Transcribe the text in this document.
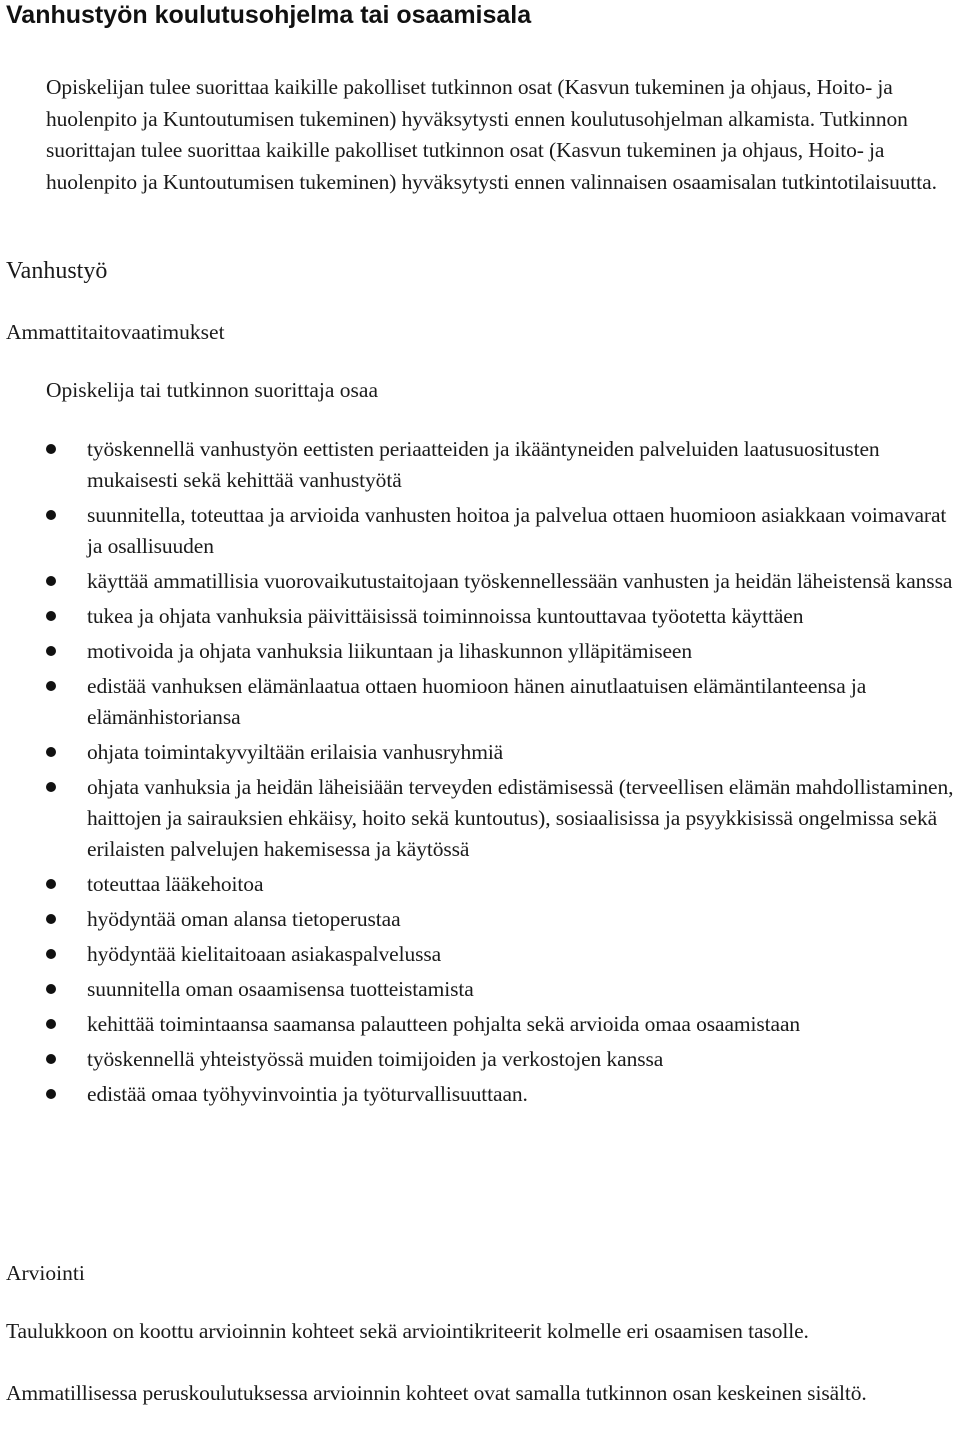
Vanhustyön koulutusohjelma tai osaamisala

Opiskelijan tulee suorittaa kaikille pakolliset tutkinnon osat (Kasvun tukeminen ja ohjaus, Hoito- ja huolenpito ja Kuntoutumisen tukeminen) hyväksytysti ennen koulutusohjelman alkamista. Tutkinnon suorittajan tulee suorittaa kaikille pakolliset tutkinnon osat (Kasvun tukeminen ja ohjaus, Hoito- ja huolenpito ja Kuntoutumisen tukeminen) hyväksytysti ennen valinnaisen osaamisalan tutkintotilaisuutta.

Vanhustyö
Ammattitaitovaatimukset

Opiskelija tai tutkinnon suorittaja osaa

työskennellä vanhustyön eettisten periaatteiden ja ikääntyneiden palveluiden laatusuositusten mukaisesti sekä kehittää vanhustyötä
suunnitella, toteuttaa ja arvioida vanhusten hoitoa ja palvelua ottaen huomioon asiakkaan voimavarat ja osallisuuden
käyttää ammatillisia vuorovaikutustaitojaan työskennellessään vanhusten ja heidän läheistensä kanssa
tukea ja ohjata vanhuksia päivittäisissä toiminnoissa kuntouttavaa työotetta käyttäen
motivoida ja ohjata vanhuksia liikuntaan ja lihaskunnon ylläpitämiseen
edistää vanhuksen elämänlaatua ottaen huomioon hänen ainutlaatuisen elämäntilanteensa ja elämänhistoriansa
ohjata toimintakyvyiltään erilaisia vanhusryhmiä
ohjata vanhuksia ja heidän läheisiään terveyden edistämisessä (terveellisen elämän mahdollistaminen, haittojen ja sairauksien ehkäisy, hoito sekä kuntoutus), sosiaalisissa ja psyykkisissä ongelmissa sekä erilaisten palvelujen hakemisessa ja käytössä
toteuttaa lääkehoitoa
hyödyntää oman alansa tietoperustaa
hyödyntää kielitaitoaan asiakaspalvelussa
suunnitella oman osaamisensa tuotteistamista
kehittää toimintaansa saamansa palautteen pohjalta sekä arvioida omaa osaamistaan
työskennellä yhteistyössä muiden toimijoiden ja verkostojen kanssa
edistää omaa työhyvinvointia ja työturvallisuuttaan.
Arviointi

Taulukkoon on koottu arvioinnin kohteet sekä arviointikriteerit kolmelle eri osaamisen tasolle.

Ammatillisessa peruskoulutuksessa arvioinnin kohteet ovat samalla tutkinnon osan keskeinen sisältö.
